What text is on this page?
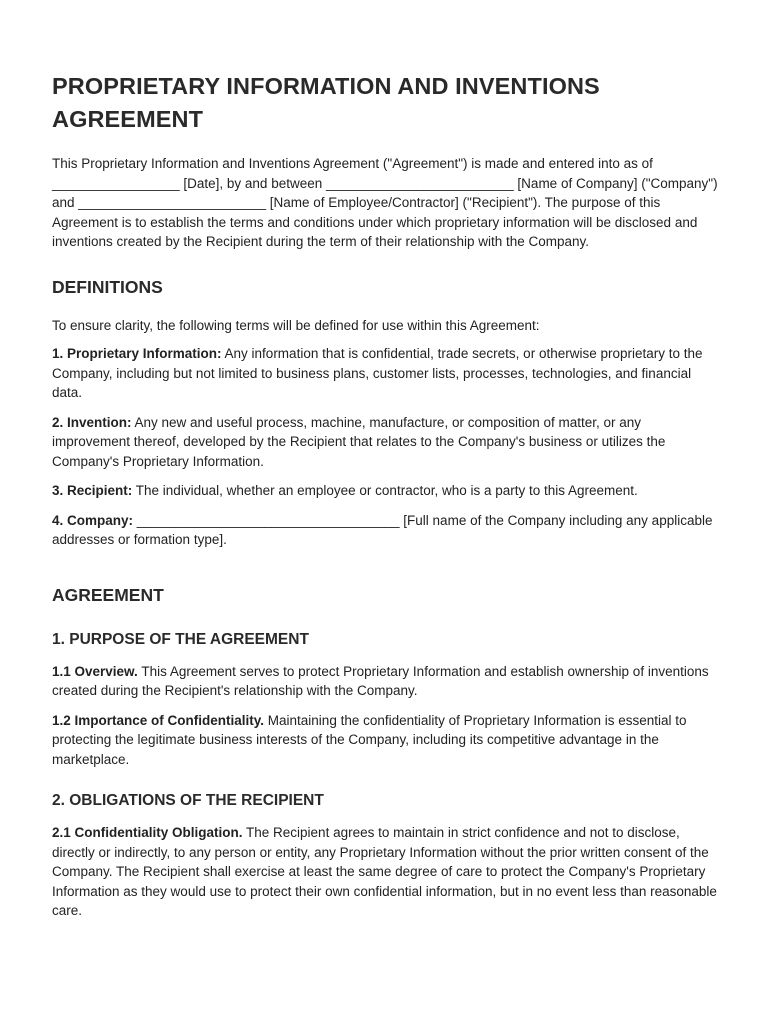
PROPRIETARY INFORMATION AND INVENTIONS AGREEMENT

This Proprietary Information and Inventions Agreement ("Agreement") is made and entered into as of _________________ [Date], by and between _________________________ [Name of Company] ("Company") and _________________________ [Name of Employee/Contractor] ("Recipient"). The purpose of this Agreement is to establish the terms and conditions under which proprietary information will be disclosed and inventions created by the Recipient during the term of their relationship with the Company.

DEFINITIONS

To ensure clarity, the following terms will be defined for use within this Agreement:

1. Proprietary Information: Any information that is confidential, trade secrets, or otherwise proprietary to the Company, including but not limited to business plans, customer lists, processes, technologies, and financial data.

2. Invention: Any new and useful process, machine, manufacture, or composition of matter, or any improvement thereof, developed by the Recipient that relates to the Company's business or utilizes the Company's Proprietary Information.

3. Recipient: The individual, whether an employee or contractor, who is a party to this Agreement.

4. Company: ___________________________________ [Full name of the Company including any applicable addresses or formation type].

AGREEMENT
1. PURPOSE OF THE AGREEMENT

1.1 Overview. This Agreement serves to protect Proprietary Information and establish ownership of inventions created during the Recipient's relationship with the Company.

1.2 Importance of Confidentiality. Maintaining the confidentiality of Proprietary Information is essential to protecting the legitimate business interests of the Company, including its competitive advantage in the marketplace.

2. OBLIGATIONS OF THE RECIPIENT

2.1 Confidentiality Obligation. The Recipient agrees to maintain in strict confidence and not to disclose, directly or indirectly, to any person or entity, any Proprietary Information without the prior written consent of the Company. The Recipient shall exercise at least the same degree of care to protect the Company's Proprietary Information as they would use to protect their own confidential information, but in no event less than reasonable care.
